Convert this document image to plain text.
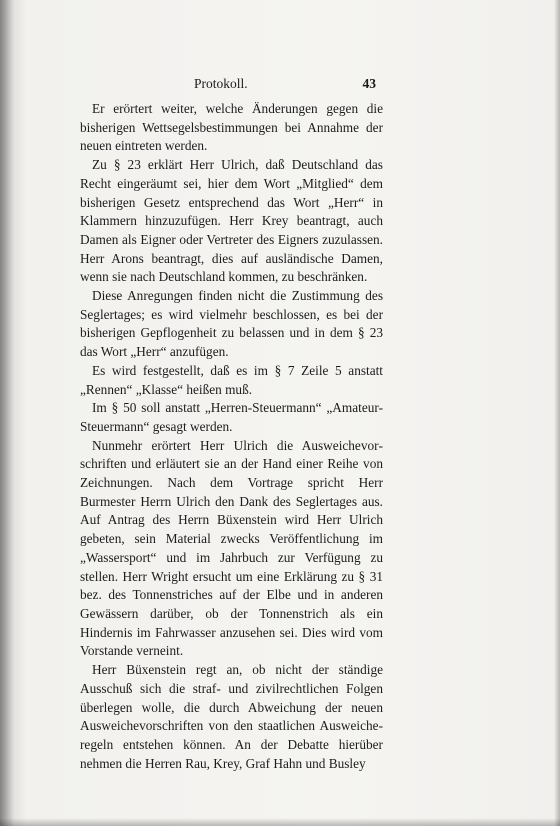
Protokoll.	43

Er erörtert weiter, welche Änderungen gegen die bisherigen Wettsegelsbestimmungen bei Annahme der neuen eintreten werden.

Zu § 23 erklärt Herr Ulrich, daß Deutschland das Recht eingeräumt sei, hier dem Wort „Mitglied“ dem bisherigen Gesetz entsprechend das Wort „Herr“ in Klammern hinzuzufügen. Herr Krey beantragt, auch Damen als Eigner oder Vertreter des Eigners zuzulassen. Herr Arons beantragt, dies auf ausländische Damen, wenn sie nach Deutschland kommen, zu beschränken.

Diese Anregungen finden nicht die Zustimmung des Seglertages; es wird vielmehr beschlossen, es bei der bisherigen Gepflogenheit zu belassen und in dem § 23 das Wort „Herr“ anzufügen.

Es wird festgestellt, daß es im § 7 Zeile 5 anstatt „Rennen“ „Klasse“ heißen muß.

Im § 50 soll anstatt „Herren-Steuermann“ „Amateur-Steuermann“ gesagt werden.

Nunmehr erörtert Herr Ulrich die Ausweichevorschriften und erläutert sie an der Hand einer Reihe von Zeichnungen. Nach dem Vortrage spricht Herr Burmester Herrn Ulrich den Dank des Seglertages aus. Auf Antrag des Herrn Büxenstein wird Herr Ulrich gebeten, sein Material zwecks Veröffentlichung im „Wassersport“ und im Jahrbuch zur Verfügung zu stellen. Herr Wright ersucht um eine Erklärung zu § 31 bez. des Tonnenstriches auf der Elbe und in anderen Gewässern darüber, ob der Tonnenstrich als ein Hindernis im Fahrwasser anzusehen sei. Dies wird vom Vorstande verneint.

Herr Büxenstein regt an, ob nicht der ständige Ausschuß sich die straf- und zivilrechtlichen Folgen überlegen wolle, die durch Abweichung der neuen Ausweichevorschriften von den staatlichen Ausweicheregeln entstehen können. An der Debatte hierüber nehmen die Herren Rau, Krey, Graf Hahn und Busley
